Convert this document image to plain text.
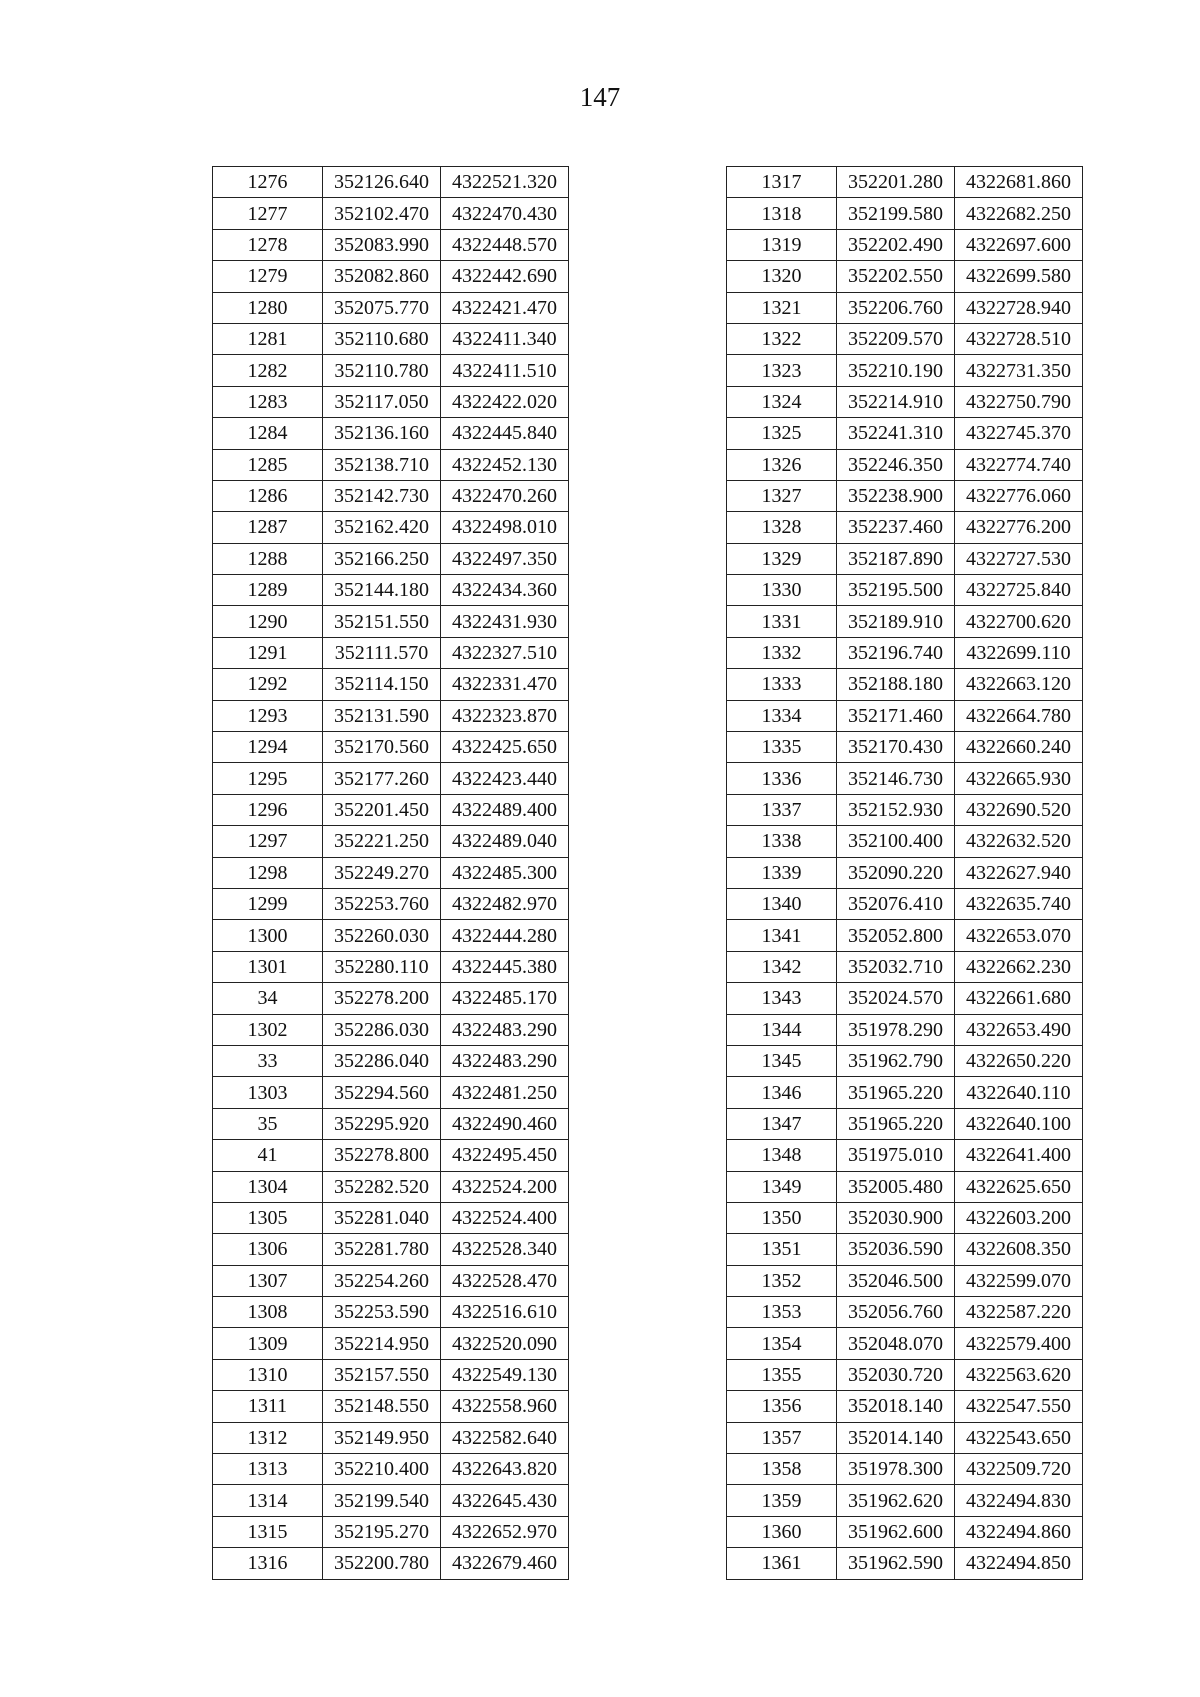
147
1276	352126.640	4322521.320
1277	352102.470	4322470.430
1278	352083.990	4322448.570
1279	352082.860	4322442.690
1280	352075.770	4322421.470
1281	352110.680	4322411.340
1282	352110.780	4322411.510
1283	352117.050	4322422.020
1284	352136.160	4322445.840
1285	352138.710	4322452.130
1286	352142.730	4322470.260
1287	352162.420	4322498.010
1288	352166.250	4322497.350
1289	352144.180	4322434.360
1290	352151.550	4322431.930
1291	352111.570	4322327.510
1292	352114.150	4322331.470
1293	352131.590	4322323.870
1294	352170.560	4322425.650
1295	352177.260	4322423.440
1296	352201.450	4322489.400
1297	352221.250	4322489.040
1298	352249.270	4322485.300
1299	352253.760	4322482.970
1300	352260.030	4322444.280
1301	352280.110	4322445.380
34	352278.200	4322485.170
1302	352286.030	4322483.290
33	352286.040	4322483.290
1303	352294.560	4322481.250
35	352295.920	4322490.460
41	352278.800	4322495.450
1304	352282.520	4322524.200
1305	352281.040	4322524.400
1306	352281.780	4322528.340
1307	352254.260	4322528.470
1308	352253.590	4322516.610
1309	352214.950	4322520.090
1310	352157.550	4322549.130
1311	352148.550	4322558.960
1312	352149.950	4322582.640
1313	352210.400	4322643.820
1314	352199.540	4322645.430
1315	352195.270	4322652.970
1316	352200.780	4322679.460
1317	352201.280	4322681.860
1318	352199.580	4322682.250
1319	352202.490	4322697.600
1320	352202.550	4322699.580
1321	352206.760	4322728.940
1322	352209.570	4322728.510
1323	352210.190	4322731.350
1324	352214.910	4322750.790
1325	352241.310	4322745.370
1326	352246.350	4322774.740
1327	352238.900	4322776.060
1328	352237.460	4322776.200
1329	352187.890	4322727.530
1330	352195.500	4322725.840
1331	352189.910	4322700.620
1332	352196.740	4322699.110
1333	352188.180	4322663.120
1334	352171.460	4322664.780
1335	352170.430	4322660.240
1336	352146.730	4322665.930
1337	352152.930	4322690.520
1338	352100.400	4322632.520
1339	352090.220	4322627.940
1340	352076.410	4322635.740
1341	352052.800	4322653.070
1342	352032.710	4322662.230
1343	352024.570	4322661.680
1344	351978.290	4322653.490
1345	351962.790	4322650.220
1346	351965.220	4322640.110
1347	351965.220	4322640.100
1348	351975.010	4322641.400
1349	352005.480	4322625.650
1350	352030.900	4322603.200
1351	352036.590	4322608.350
1352	352046.500	4322599.070
1353	352056.760	4322587.220
1354	352048.070	4322579.400
1355	352030.720	4322563.620
1356	352018.140	4322547.550
1357	352014.140	4322543.650
1358	351978.300	4322509.720
1359	351962.620	4322494.830
1360	351962.600	4322494.860
1361	351962.590	4322494.850
